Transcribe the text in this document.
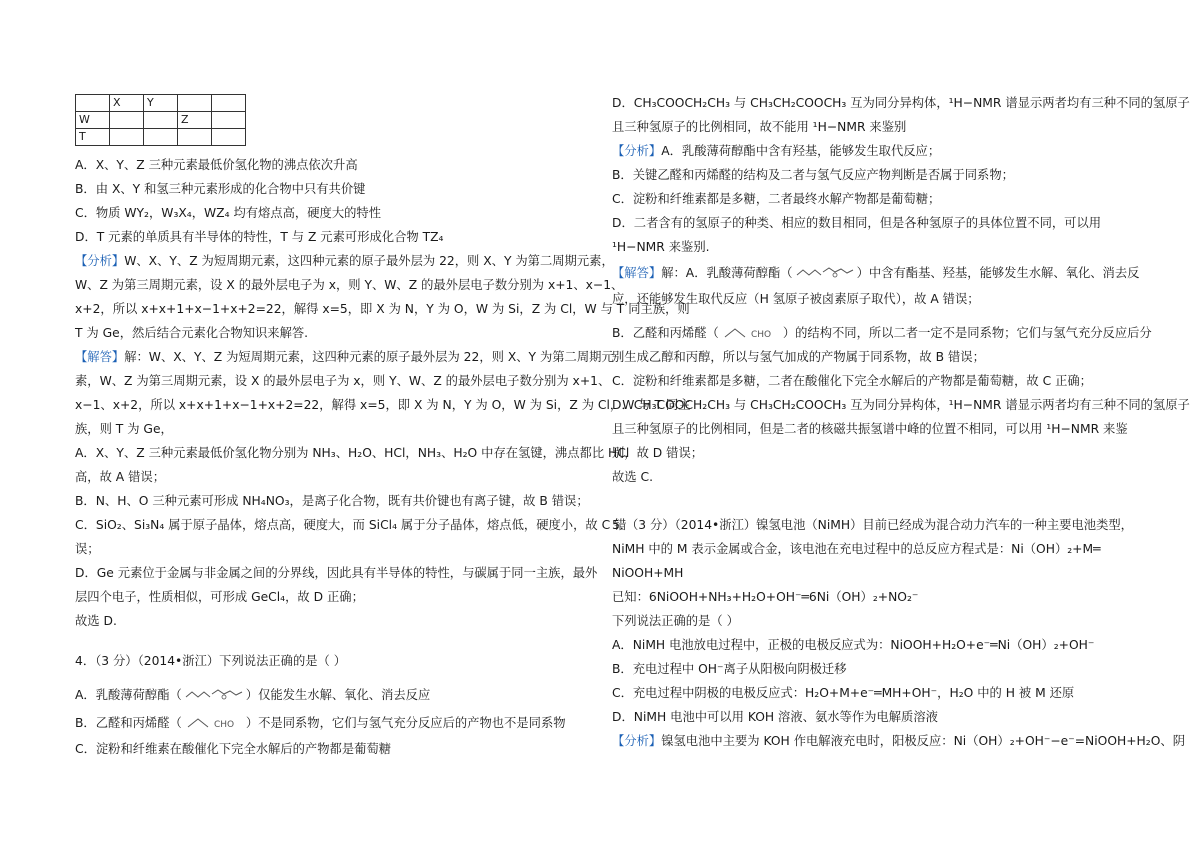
	X	Y		
W			Z	
T				
A．X、Y、Z 三种元素最低价氢化物的沸点依次升高
B．由 X、Y 和氢三种元素形成的化合物中只有共价键
C．物质 WY₂，W₃X₄，WZ₄ 均有熔点高，硬度大的特性
D．T 元素的单质具有半导体的特性，T 与 Z 元素可形成化合物 TZ₄
【分析】W、X、Y、Z 为短周期元素，这四种元素的原子最外层为 22，则 X、Y 为第二周期元素，
W、Z 为第三周期元素，设 X 的最外层电子为 x，则 Y、W、Z 的最外层电子数分别为 x+1、x−1、
x+2，所以 x+x+1+x−1+x+2=22，解得 x=5，即 X 为 N，Y 为 O，W 为 Si，Z 为 Cl，W 与 T 同主族，则
T 为 Ge，然后结合元素化合物知识来解答.
【解答】解：W、X、Y、Z 为短周期元素，这四种元素的原子最外层为 22，则 X、Y 为第二周期元
素，W、Z 为第三周期元素，设 X 的最外层电子为 x，则 Y、W、Z 的最外层电子数分别为 x+1、
x−1、x+2，所以 x+x+1+x−1+x+2=22，解得 x=5，即 X 为 N，Y 为 O，W 为 Si，Z 为 Cl，W 与 T 同主
族，则 T 为 Ge，
A．X、Y、Z 三种元素最低价氢化物分别为 NH₃、H₂O、HCl，NH₃、H₂O 中存在氢键，沸点都比 HCl
高，故 A 错误；
B．N、H、O 三种元素可形成 NH₄NO₃，是离子化合物，既有共价键也有离子键，故 B 错误；
C．SiO₂、Si₃N₄ 属于原子晶体，熔点高，硬度大，而 SiCl₄ 属于分子晶体，熔点低，硬度小，故 C 错
误；
D．Ge 元素位于金属与非金属之间的分界线，因此具有半导体的特性，与碳属于同一主族，最外
层四个电子，性质相似，可形成 GeCl₄，故 D 正确；
故选 D.
4．（3 分）（2014•浙江）下列说法正确的是（ ）
A．乳酸薄荷醇酯（	）仅能发生水解、氧化、消去反应
B．乙醛和丙烯醛（	CHO ）不是同系物，它们与氢气充分反应后的产物也不是同系物
C．淀粉和纤维素在酸催化下完全水解后的产物都是葡萄糖
D．CH₃COOCH₂CH₃ 与 CH₃CH₂COOCH₃ 互为同分异构体，¹H−NMR 谱显示两者均有三种不同的氢原子
且三种氢原子的比例相同，故不能用 ¹H−NMR 来鉴别
【分析】A．乳酸薄荷醇酯中含有羟基，能够发生取代反应；
B．关键乙醛和丙烯醛的结构及二者与氢气反应产物判断是否属于同系物；
C．淀粉和纤维素都是多糖，二者最终水解产物都是葡萄糖；
D．二者含有的氢原子的种类、相应的数目相同，但是各种氢原子的具体位置不同，可以用
¹H−NMR 来鉴别.
【解答】解：A．乳酸薄荷醇酯（	）中含有酯基、羟基，能够发生水解、氧化、消去反
应，还能够发生取代反应（H 氢原子被卤素原子取代），故 A 错误；
B．乙醛和丙烯醛（	CHO ）的结构不同，所以二者一定不是同系物；它们与氢气充分反应后分
别生成乙醇和丙醇，所以与氢气加成的产物属于同系物，故 B 错误；
C．淀粉和纤维素都是多糖，二者在酸催化下完全水解后的产物都是葡萄糖，故 C 正确；
D．CH₃COOCH₂CH₃ 与 CH₃CH₂COOCH₃ 互为同分异构体，¹H−NMR 谱显示两者均有三种不同的氢原子
且三种氢原子的比例相同，但是二者的核磁共振氢谱中峰的位置不相同，可以用 ¹H−NMR 来鉴
别，故 D 错误；
故选 C.
5．（3 分）（2014•浙江）镍氢电池（NiMH）目前已经成为混合动力汽车的一种主要电池类型，
NiMH 中的 M 表示金属或合金，该电池在充电过程中的总反应方程式是：Ni（OH）₂+M═
NiOOH+MH
已知：6NiOOH+NH₃+H₂O+OH⁻═6Ni（OH）₂+NO₂⁻
下列说法正确的是（ ）
A．NiMH 电池放电过程中，正极的电极反应式为：NiOOH+H₂O+e⁻═Ni（OH）₂+OH⁻
B．充电过程中 OH⁻离子从阳极向阴极迁移
C．充电过程中阴极的电极反应式：H₂O+M+e⁻═MH+OH⁻，H₂O 中的 H 被 M 还原
D．NiMH 电池中可以用 KOH 溶液、氨水等作为电解质溶液
【分析】镍氢电池中主要为 KOH 作电解液充电时，阳极反应：Ni（OH）₂+OH⁻−e⁻=NiOOH+H₂O、阴
